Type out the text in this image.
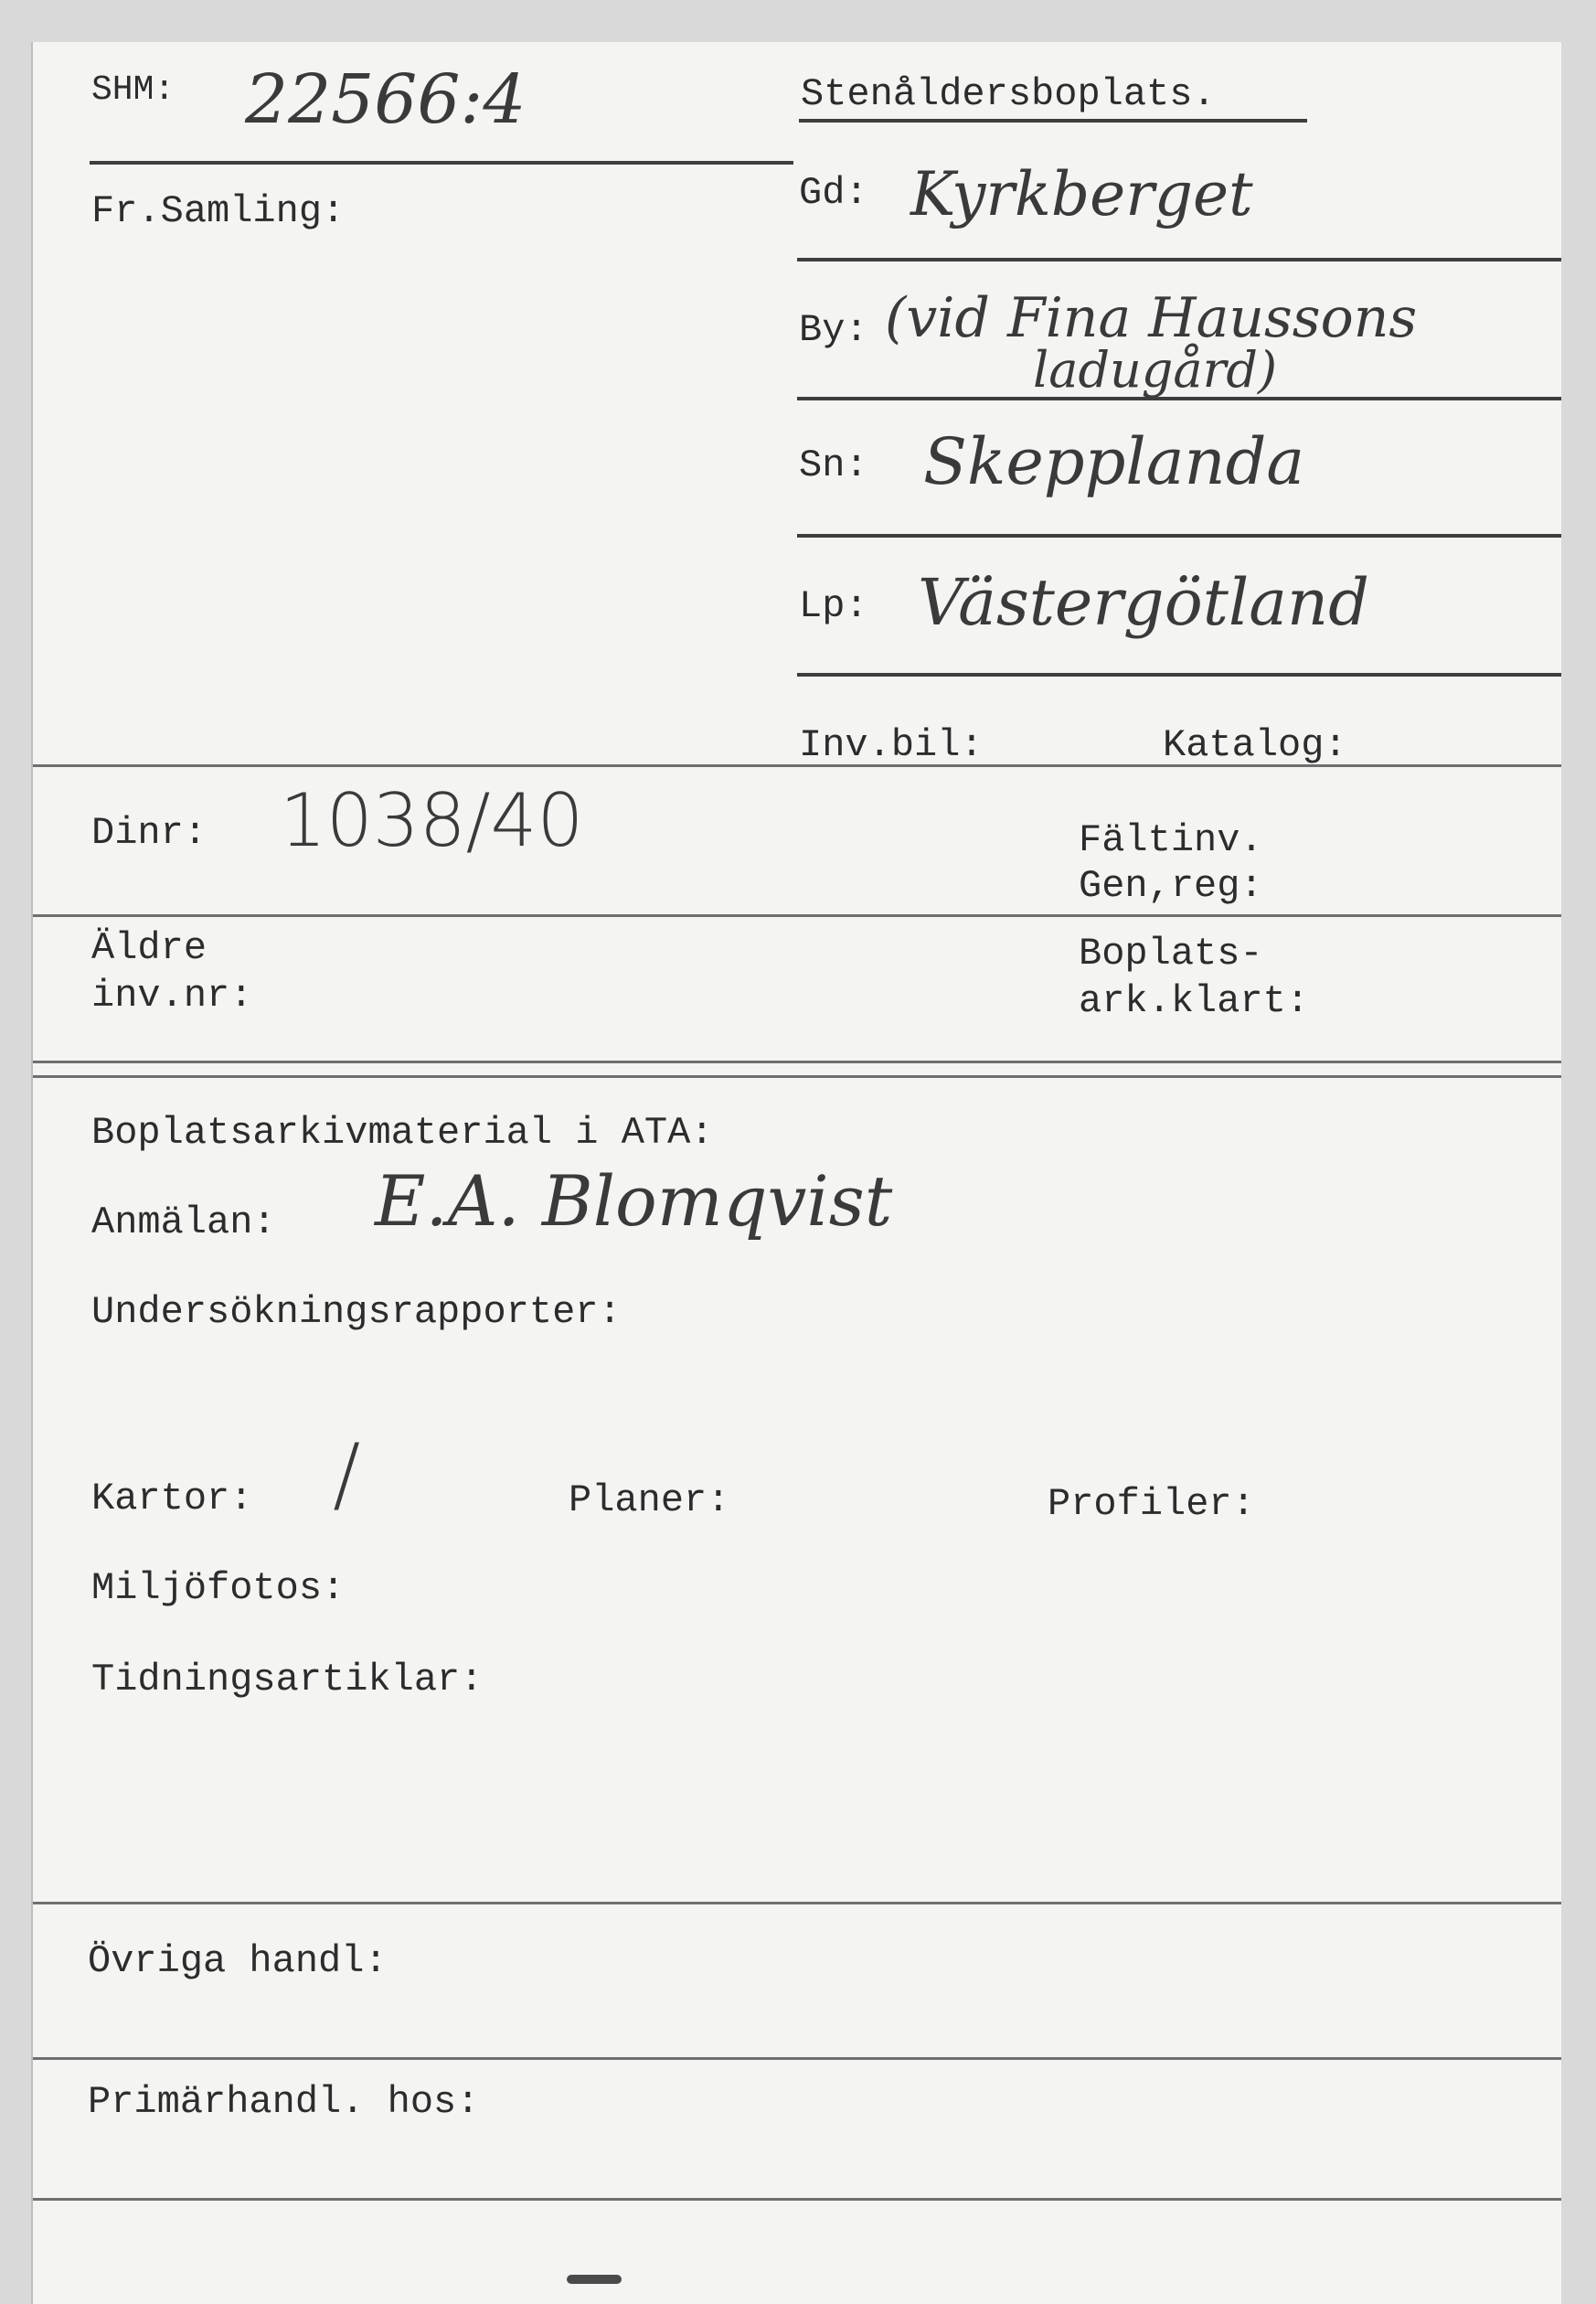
SHM: 22566:4
Fr.Samling:
Stenåldersboplats.
Gd: Kyrkberget
By: (vid Fina Haussons
ladugård)
Sn: Skepplanda
Lp: Västergötland
Inv.bil:	Katalog:
Dinr: 1038/40	Fältinv.
Gen,reg:
Äldre
inv.nr:
Boplats-
ark.klart:
Boplatsarkivmaterial i ATA:
Anmälan: E.A. Blomqvist
Undersökningsrapporter:
Kartor: /	Planer:	Profiler:
Miljöfotos:
Tidningsartiklar:
Övriga handl:
Primärhandl. hos:
